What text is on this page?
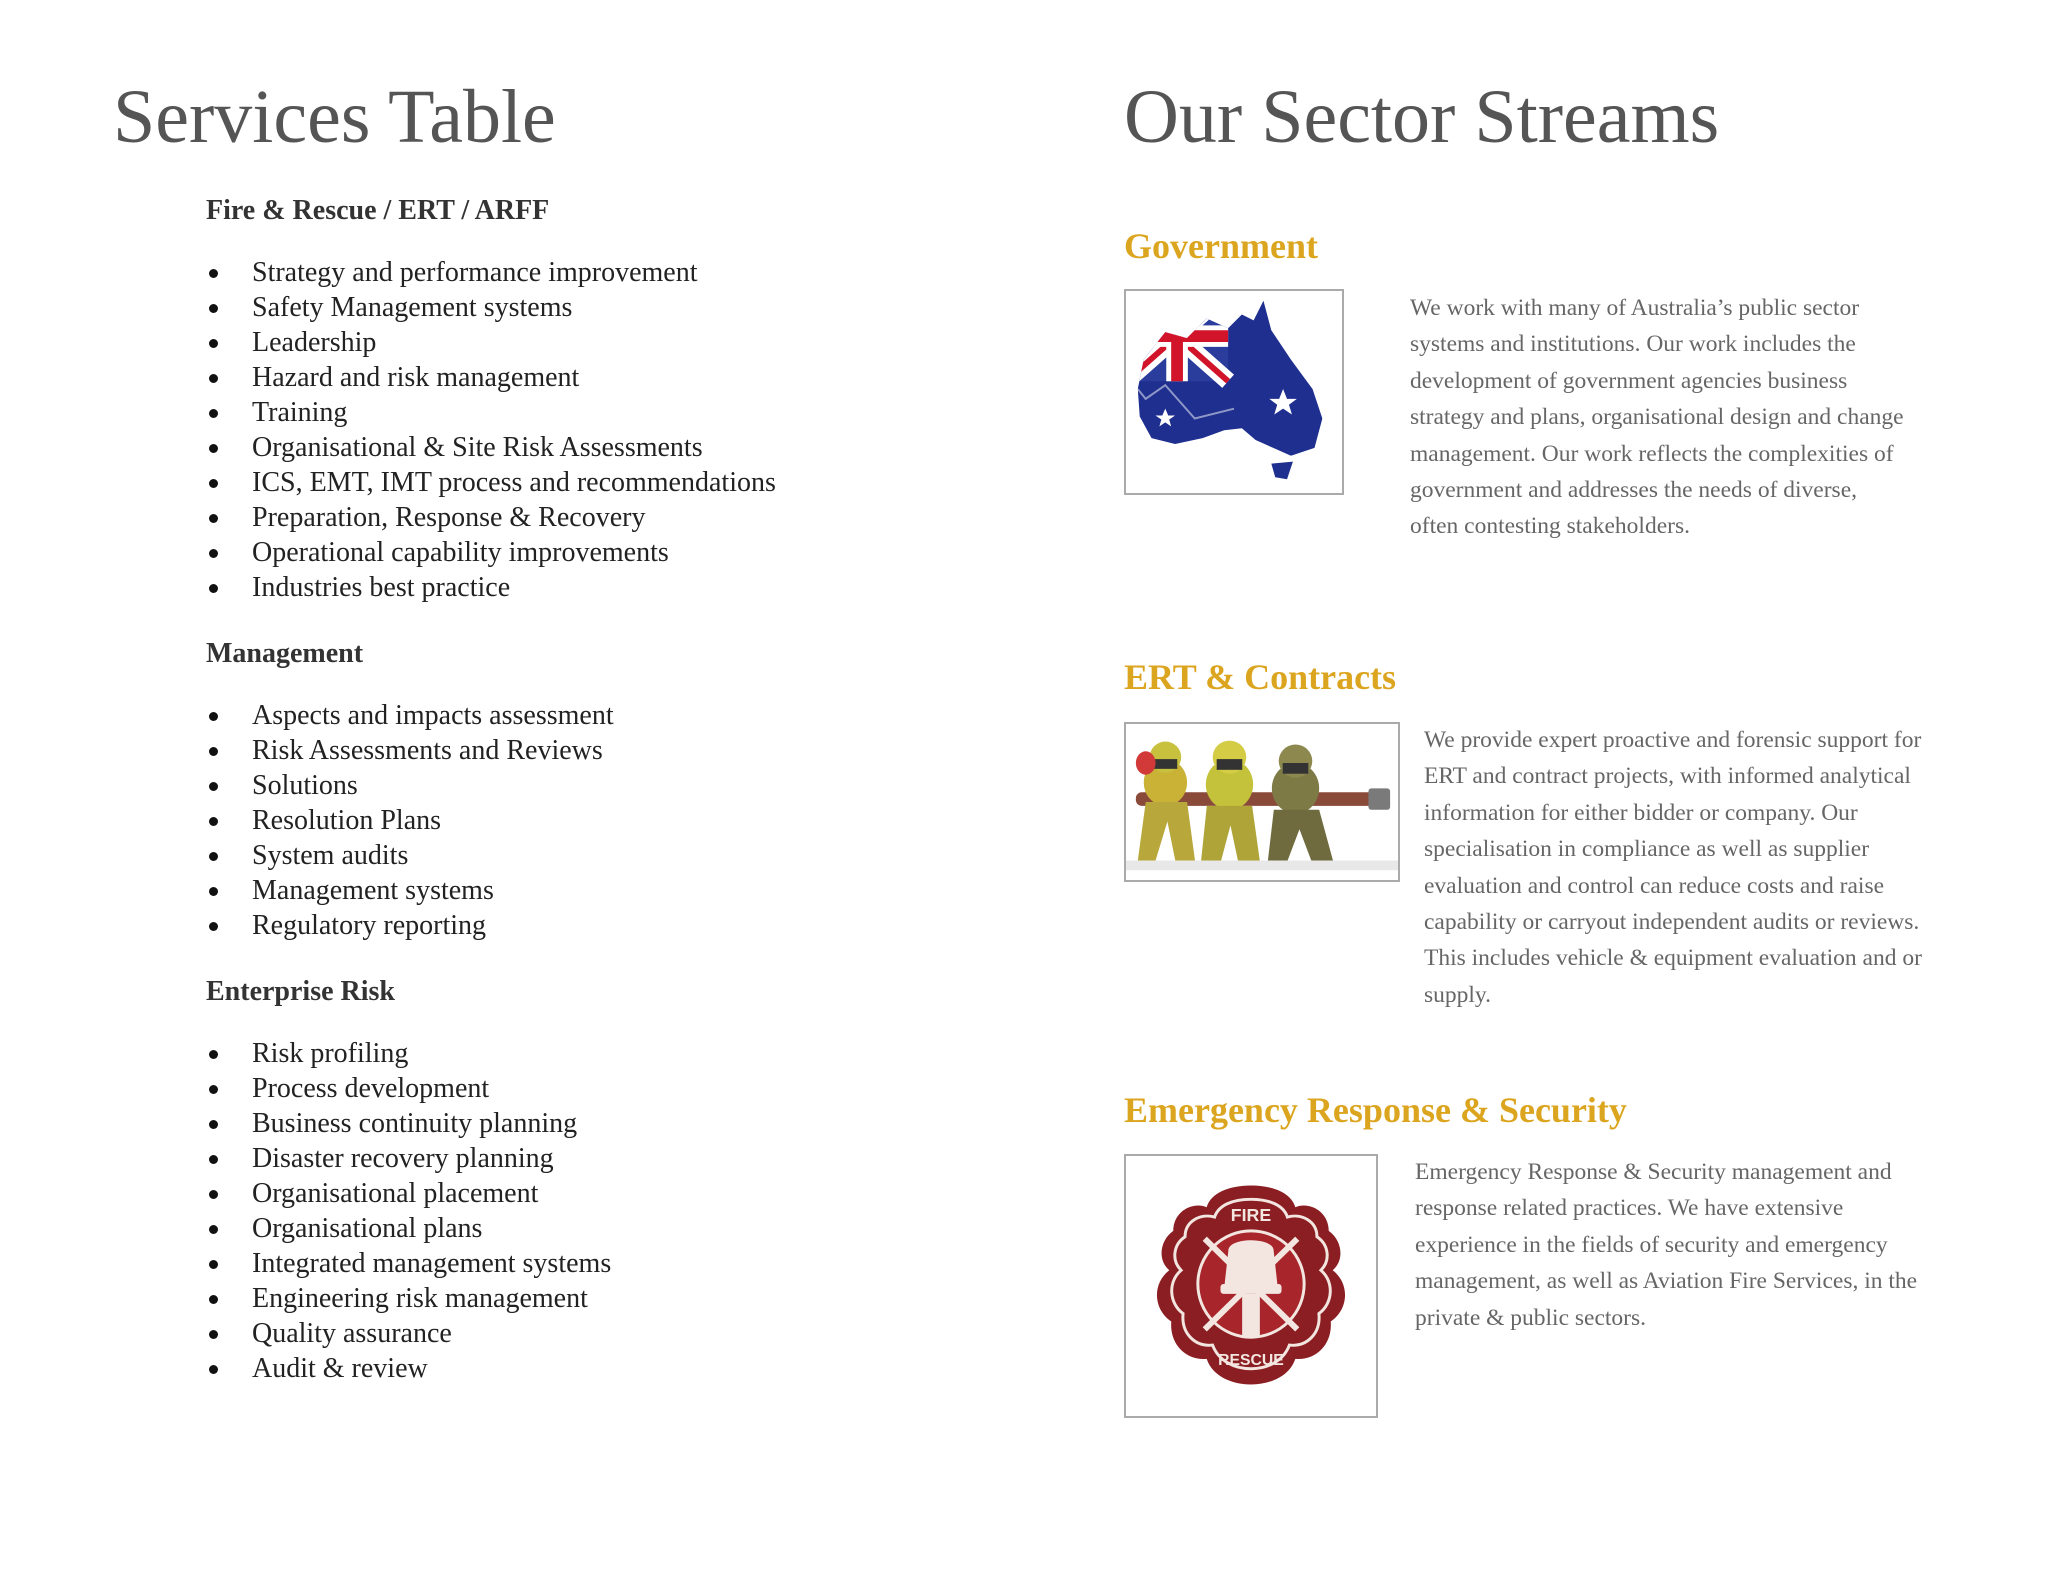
Services Table
Fire & Rescue / ERT / ARFF
Strategy and performance improvement
Safety Management systems
Leadership
Hazard and risk management
Training
Organisational & Site Risk Assessments
ICS, EMT, IMT process and recommendations
Preparation, Response & Recovery
Operational capability improvements
Industries best practice
Management
Aspects and impacts assessment
Risk Assessments and Reviews
Solutions
Resolution Plans
System audits
Management systems
Regulatory reporting
Enterprise Risk
Risk profiling
Process development
Business continuity planning
Disaster recovery planning
Organisational placement
Organisational plans
Integrated management systems
Engineering risk management
Quality assurance
Audit & review
Our Sector Streams
Government

We work with many of Australia’s public sector systems and institutions. Our work includes the development of government agencies business strategy and plans, organisational design and change management. Our work reflects the complexities of government and addresses the needs of diverse, often contesting stakeholders.

ERT & Contracts

We provide expert proactive and forensic support for ERT and contract projects, with informed analytical information for either bidder or company. Our specialisation in compliance as well as supplier evaluation and control can reduce costs and raise capability or carryout independent audits or reviews. This includes vehicle & equipment evaluation and or supply.

Emergency Response & Security
FIRE
RESCUE

Emergency Response & Security management and response related practices. We have extensive experience in the fields of security and emergency management, as well as Aviation Fire Services, in the private & public sectors.
